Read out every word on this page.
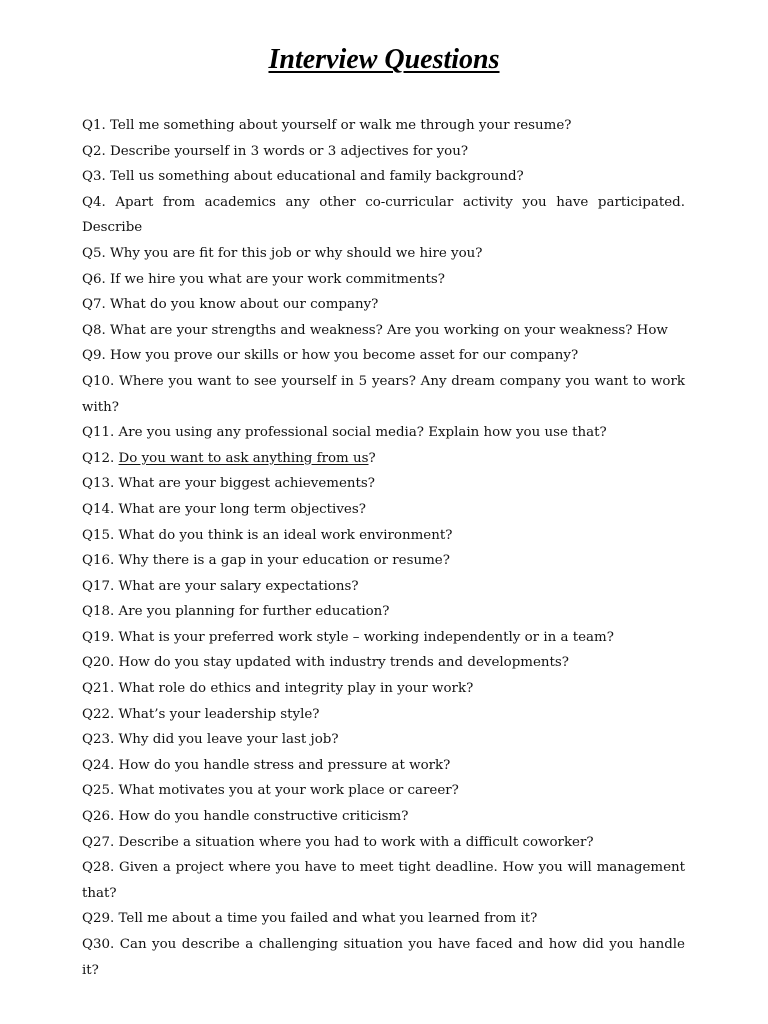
Interview Questions
Q1. Tell me something about yourself or walk me through your resume?
Q2. Describe yourself in 3 words or 3 adjectives for you?
Q3. Tell us something about educational and family background?
Q4. Apart from academics any other co-curricular activity you have participated. Describe
Q5. Why you are fit for this job or why should we hire you?
Q6. If we hire you what are your work commitments?
Q7. What do you know about our company?
Q8. What are your strengths and weakness? Are you working on your weakness? How
Q9. How you prove our skills or how you become asset for our company?
Q10. Where you want to see yourself in 5 years? Any dream company you want to work with?
Q11. Are you using any professional social media? Explain how you use that?
Q12. Do you want to ask anything from us?
Q13. What are your biggest achievements?
Q14. What are your long term objectives?
Q15. What do you think is an ideal work environment?
Q16. Why there is a gap in your education or resume?
Q17. What are your salary expectations?
Q18. Are you planning for further education?
Q19. What is your preferred work style – working independently or in a team?
Q20. How do you stay updated with industry trends and developments?
Q21. What role do ethics and integrity play in your work?
Q22. What’s your leadership style?
Q23. Why did you leave your last job?
Q24. How do you handle stress and pressure at work?
Q25. What motivates you at your work place or career?
Q26. How do you handle constructive criticism?
Q27. Describe a situation where you had to work with a difficult coworker?
Q28. Given a project where you have to meet tight deadline. How you will management that?
Q29. Tell me about a time you failed and what you learned from it?
Q30. Can you describe a challenging situation you have faced and how did you handle it?
